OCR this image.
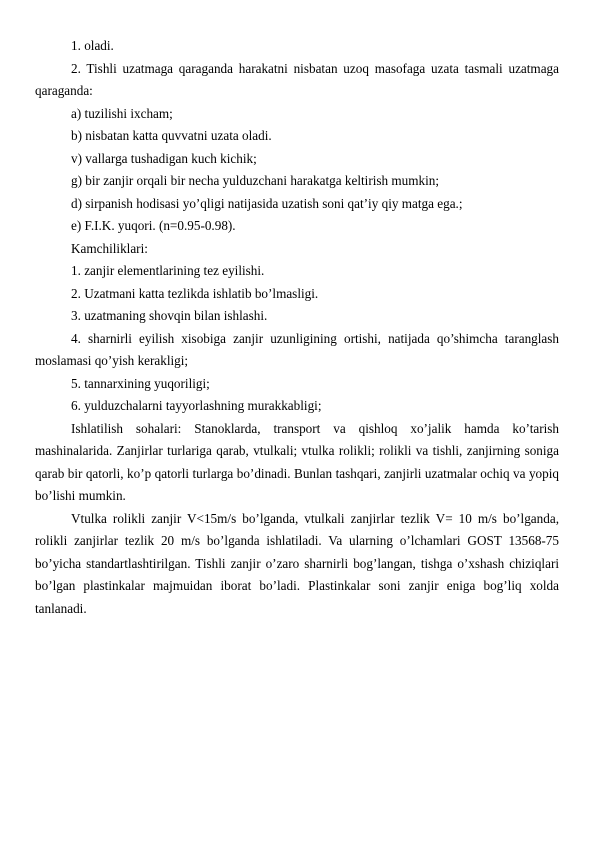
1. oladi.

2. Tishli uzatmaga qaraganda harakatni nisbatan uzoq masofaga uzata tasmali uzatmaga qaraganda:

a) tuzilishi ixcham;

b) nisbatan katta quvvatni uzata oladi.

v) vallarga tushadigan kuch kichik;

g) bir zanjir orqali bir necha yulduzchani harakatga keltirish mumkin;

d) sirpanish hodisasi yo’qligi natijasida uzatish soni qat’iy qiy matga ega.;

e) F.I.K. yuqori. (n=0.95-0.98).

Kamchiliklari:

1. zanjir elementlarining tez eyilishi.

2. Uzatmani katta tezlikda ishlatib bo’lmasligi.

3. uzatmaning shovqin bilan ishlashi.

4. sharnirli eyilish xisobiga zanjir uzunligining ortishi, natijada qo’shimcha taranglash moslamasi qo’yish kerakligi;

5. tannarxining yuqoriligi;

6. yulduzchalarni tayyorlashning murakkabligi;

Ishlatilish sohalari: Stanoklarda, transport va qishloq xo’jalik hamda ko’tarish mashinalarida. Zanjirlar turlariga qarab, vtulkali; vtulka rolikli; rolikli va tishli, zanjirning soniga qarab bir qatorli, ko’p qatorli turlarga bo’dinadi. Bunlan tashqari, zanjirli uzatmalar ochiq va yopiq bo’lishi mumkin.

Vtulka rolikli zanjir V<15m/s bo’lganda, vtulkali zanjirlar tezlik V= 10 m/s bo’lganda, rolikli zanjirlar tezlik 20 m/s bo’lganda ishlatiladi. Va ularning o’lchamlari GOST 13568-75 bo’yicha standartlashtirilgan. Tishli zanjir o’zaro sharnirli bog’langan, tishga o’xshash chiziqlari bo’lgan plastinkalar majmuidan iborat bo’ladi. Plastinkalar soni zanjir eniga bog’liq xolda tanlanadi.
